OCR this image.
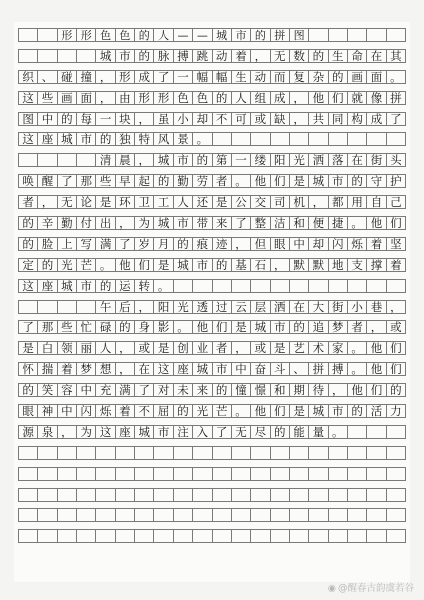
形 形 色 色 的 人 — — 城 市 的 拼 图
城 市 的 脉 搏 跳 动 着 ， 无 数 的 生 命 在 其
织 、 碰 撞 ， 形 成 了 一 幅 幅 生 动 而 复 杂 的 画 面 。
这 些 画 面 ， 由 形 形 色 色 的 人 组 成 ， 他 们 就 像 拼
图 中 的 每 一 块 ， 虽 小 却 不 可 或 缺 ， 共 同 构 成 了
这 座 城 市 的 独 特 风 景 。
清 晨 ， 城 市 的 第 一 缕 阳 光 洒 落 在 街 头
唤 醒 了 那 些 早 起 的 勤 劳 者 。 他 们 是 城 市 的 守 护
者 ， 无 论 是 环 卫 工 人 还 是 公 交 司 机 ， 都 用 自 己
的 辛 勤 付 出 ， 为 城 市 带 来 了 整 洁 和 便 捷 。 他 们
的 脸 上 写 满 了 岁 月 的 痕 迹 ， 但 眼 中 却 闪 烁 着 坚
定 的 光 芒 。 他 们 是 城 市 的 基 石 ， 默 默 地 支 撑 着
这 座 城 市 的 运 转 。
午 后 ， 阳 光 透 过 云 层 洒 在 大 街 小 巷 ，
了 那 些 忙 碌 的 身 影 。 他 们 是 城 市 的 追 梦 者 ， 或
是 白 领 丽 人 ， 或 是 创 业 者 ， 或 是 艺 术 家 。 他 们
怀 揣 着 梦 想 ， 在 这 座 城 市 中 奋 斗 、 拼 搏 。 他 们
的 笑 容 中 充 满 了 对 未 来 的 憧 憬 和 期 待 ， 他 们 的
眼 神 中 闪 烁 着 不 屈 的 光 芒 。 他 们 是 城 市 的 活 力
源 泉 ， 为 这 座 城 市 注 入 了 无 尽 的 能 量 。
◉ @醒春古韵虞若谷
